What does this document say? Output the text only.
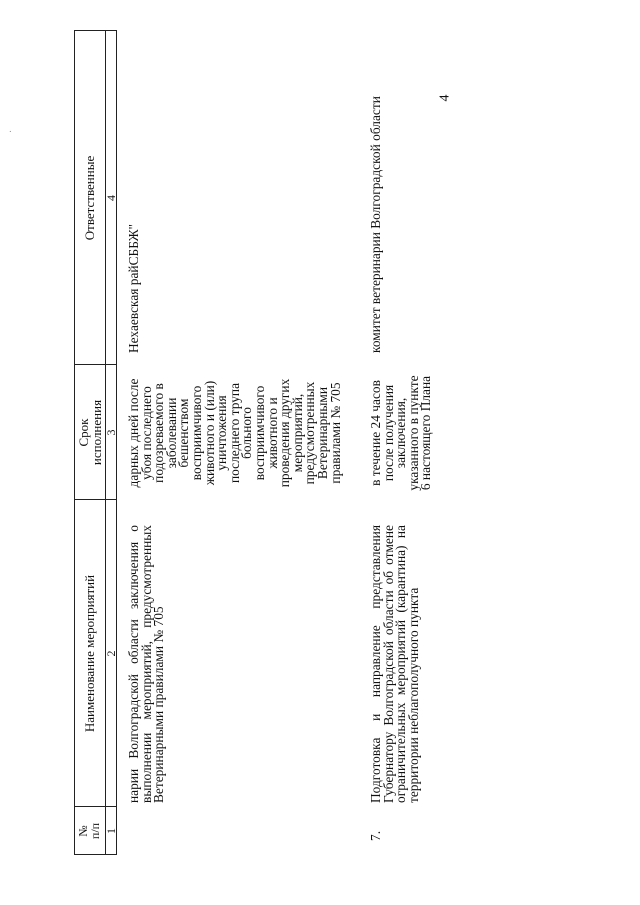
4
·
№
п/п
Наименование мероприятий
Срок
исполнения
Ответственные
1
2
3
4
нарии Волгоградской области заключения о выполнении мероприятий, предусмотренных Ветеринарными правилами № 705
дарных дней после убоя последнего подозреваемого в заболевании бешенством восприимчивого животного и (или) уничтожения последнего трупа больного восприимчивого животного и проведения других мероприятий, предусмотренных Ветеринарными правилами № 705
Нехаевская райСББЖ"
7.
Подготовка и направление представления Губернатору Волгоградской области об отмене ограничительных мероприятий (карантина) на территории неблагополучного пункта
в течение 24 часов после получения заключения, указанного в пункте 6 настоящего Плана
комитет ветеринарии Волгоградской области
